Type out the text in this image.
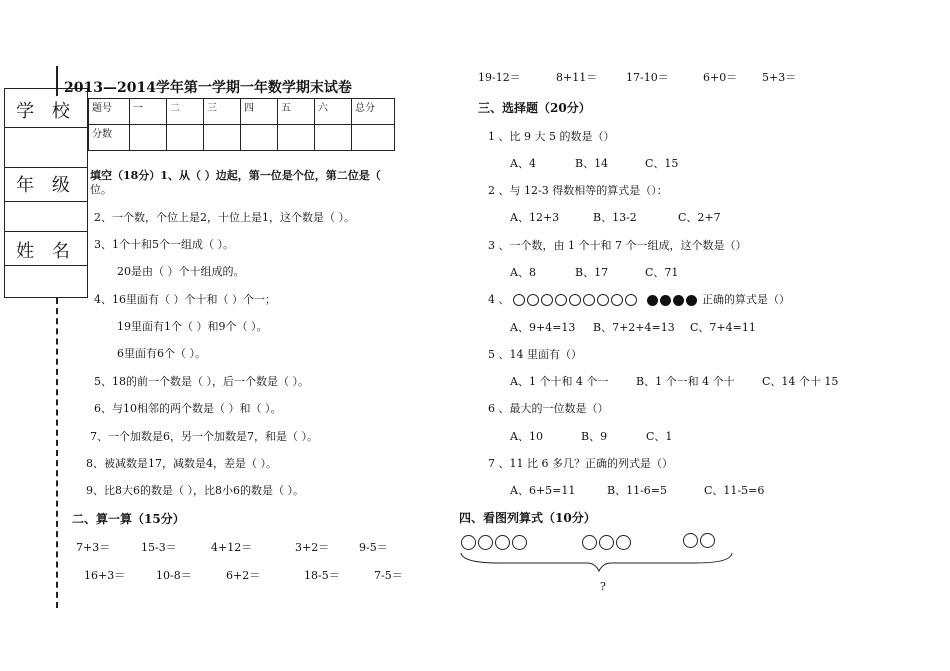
学 校
年 级
姓 名
2013—2014学年第一学期一年数学期末试卷
题号	一	二	三	四	五	六	总分
分数							
填空（18分）1、从（ ）边起，第一位是个位，第二位是（
位。
2、一个数，个位上是2，十位上是1，这个数是（ ）。
3、1个十和5个一组成（ ）。
20是由（ ）个十组成的。
4、16里面有（ ）个十和（ ）个一；
19里面有1个（ ）和9个（ ）。
6里面有6个（ ）。
5、18的前一个数是（ ），后一个数是（ ）。
6、与10相邻的两个数是（ ）和（ ）。
7、一个加数是6，另一个加数是7，和是（ ）。
8、被减数是17，减数是4，差是（ ）。
9、比8大6的数是（ ），比8小6的数是（ ）。
二、算一算（15分）
7+3＝	15-3＝	4+12＝	3+2＝	9-5＝
16+3＝	10-8＝	6+2＝	18-5＝	7-5＝
19-12＝	8+11＝	17-10＝	6+0＝ 5+3＝
三、选择题（20分）
1 、比 9 大 5 的数是（）
A、4	B、14	C、15
2 、与 12-3 得数相等的算式是（）：
A、12+3	B、13-2	C、2+7
3 、一个数，由 1 个十和 7 个一组成，这个数是（）
A、8	B、17	C、71
4 、	正确的算式是（）
A、9+4=13 B、7+2+4=13 C、7+4=11
5 、14 里面有（）
A、1 个十和 4 个一	B、1 个一和 4 个十 C、14 个十 15
6 、最大的一位数是（）
A、10	B、9	C、1
7 、11 比 6 多几？正确的列式是（）
A、6+5=11	B、11-6=5	C、11-5=6
四、看图列算式（10分）
?
